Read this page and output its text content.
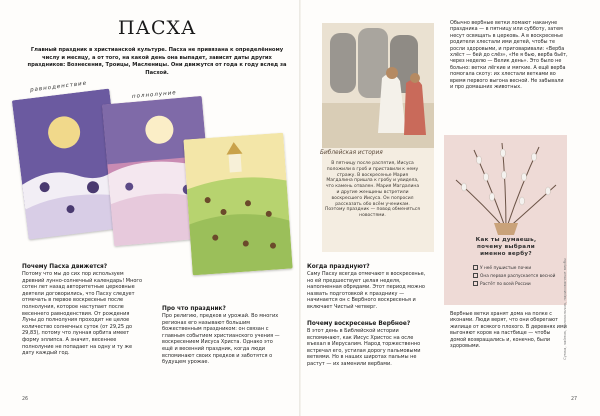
ПАСХА

Главный праздник в христианской культуре. Пасха не привязана к определённому числу и месяцу, а от того, на какой день она выпадет, зависят даты других праздников: Вознесения, Троицы, Масленицы. Они движутся от года к году вслед за Пасхой.

равноденствие
полнолуние
Почему Пасха движется?

Потому что мы до сих пор используем древний лунно-солнечный календарь! Много сотен лет назад авторитетные церковные деятели договорились, что Пасху следует отмечать в первое воскресенье после полнолуния, которое наступает после весеннего равноденствия. От рождения Луны до полнолуния проходит не целое количество солнечных суток (от 29,25 до 29,83), потому что лунная орбита имеет форму эллипса. А значит, весеннее полнолуние не попадает на одну и ту же дату каждый год.

Про что праздник?

Про религию, предков и урожай. Во многих регионах его называют большим божественным праздником: он связан с главным событием христианского учения — воскресением Иисуса Христа. Однако это ещё и весенний праздник, когда люди вспоминают своих предков и заботятся о будущем урожае.

26
Библейская история

В пятницу после распятия, Иисуса положили в гроб и приставили к нему стражу. В воскресенье Мария Магдалина пришла к гробу и увидела, что камень отвален. Мария Магдалина и другие женщины встретили воскресшего Иисуса. Он попросил рассказать обо всём ученикам. Поэтому праздник — повод обменяться новостями.

Когда празднуют?

Саму Пасху всегда отмечают в воскресенье, но ей предшествует целая неделя, наполненная обрядами. Этот период можно назвать подготовкой к празднику — начинается он с Вербного воскресенья и включает Чистый четверг.

Почему воскресенье Вербное?

В этот день в Библейской истории вспоминают, как Иисус Христос на осле въехал в Иерусалим. Народ торжественно встречал его, устилая дорогу пальмовыми ветвями. Но в наших широтах пальмы не растут — их заменили вербами.

Обычно вербные ветки ломают накануне праздника — в пятницу или субботу, затем несут освящать в церковь. А в воскресенье родители хлестали ими детей, чтобы те росли здоровыми, и приговаривали: «Верба хлёст — бей до слёз», «Не я бью, верба бьёт, через неделю — Велик день». Это было не больно: ветки лёгкие и мягкие. А ещё верба помогала скоту: их хлестали ветками во время первого выгона весной. Не забывали и про домашних животных.

Как ты думаешь, почему выбрали именно вербу?

У неё пушистые почки
Она первая распускается весной
Растёт по всей России

Вербные ветки хранят дома на полке с иконами. Люди верят, что они оберегают жилище от всякого плохого. В деревнях ими выгоняют коров на пастбище — чтобы домой возвращались и, конечно, были здоровыми.	Сумка, чайник, колокольчик, нарисованные вербы
27
